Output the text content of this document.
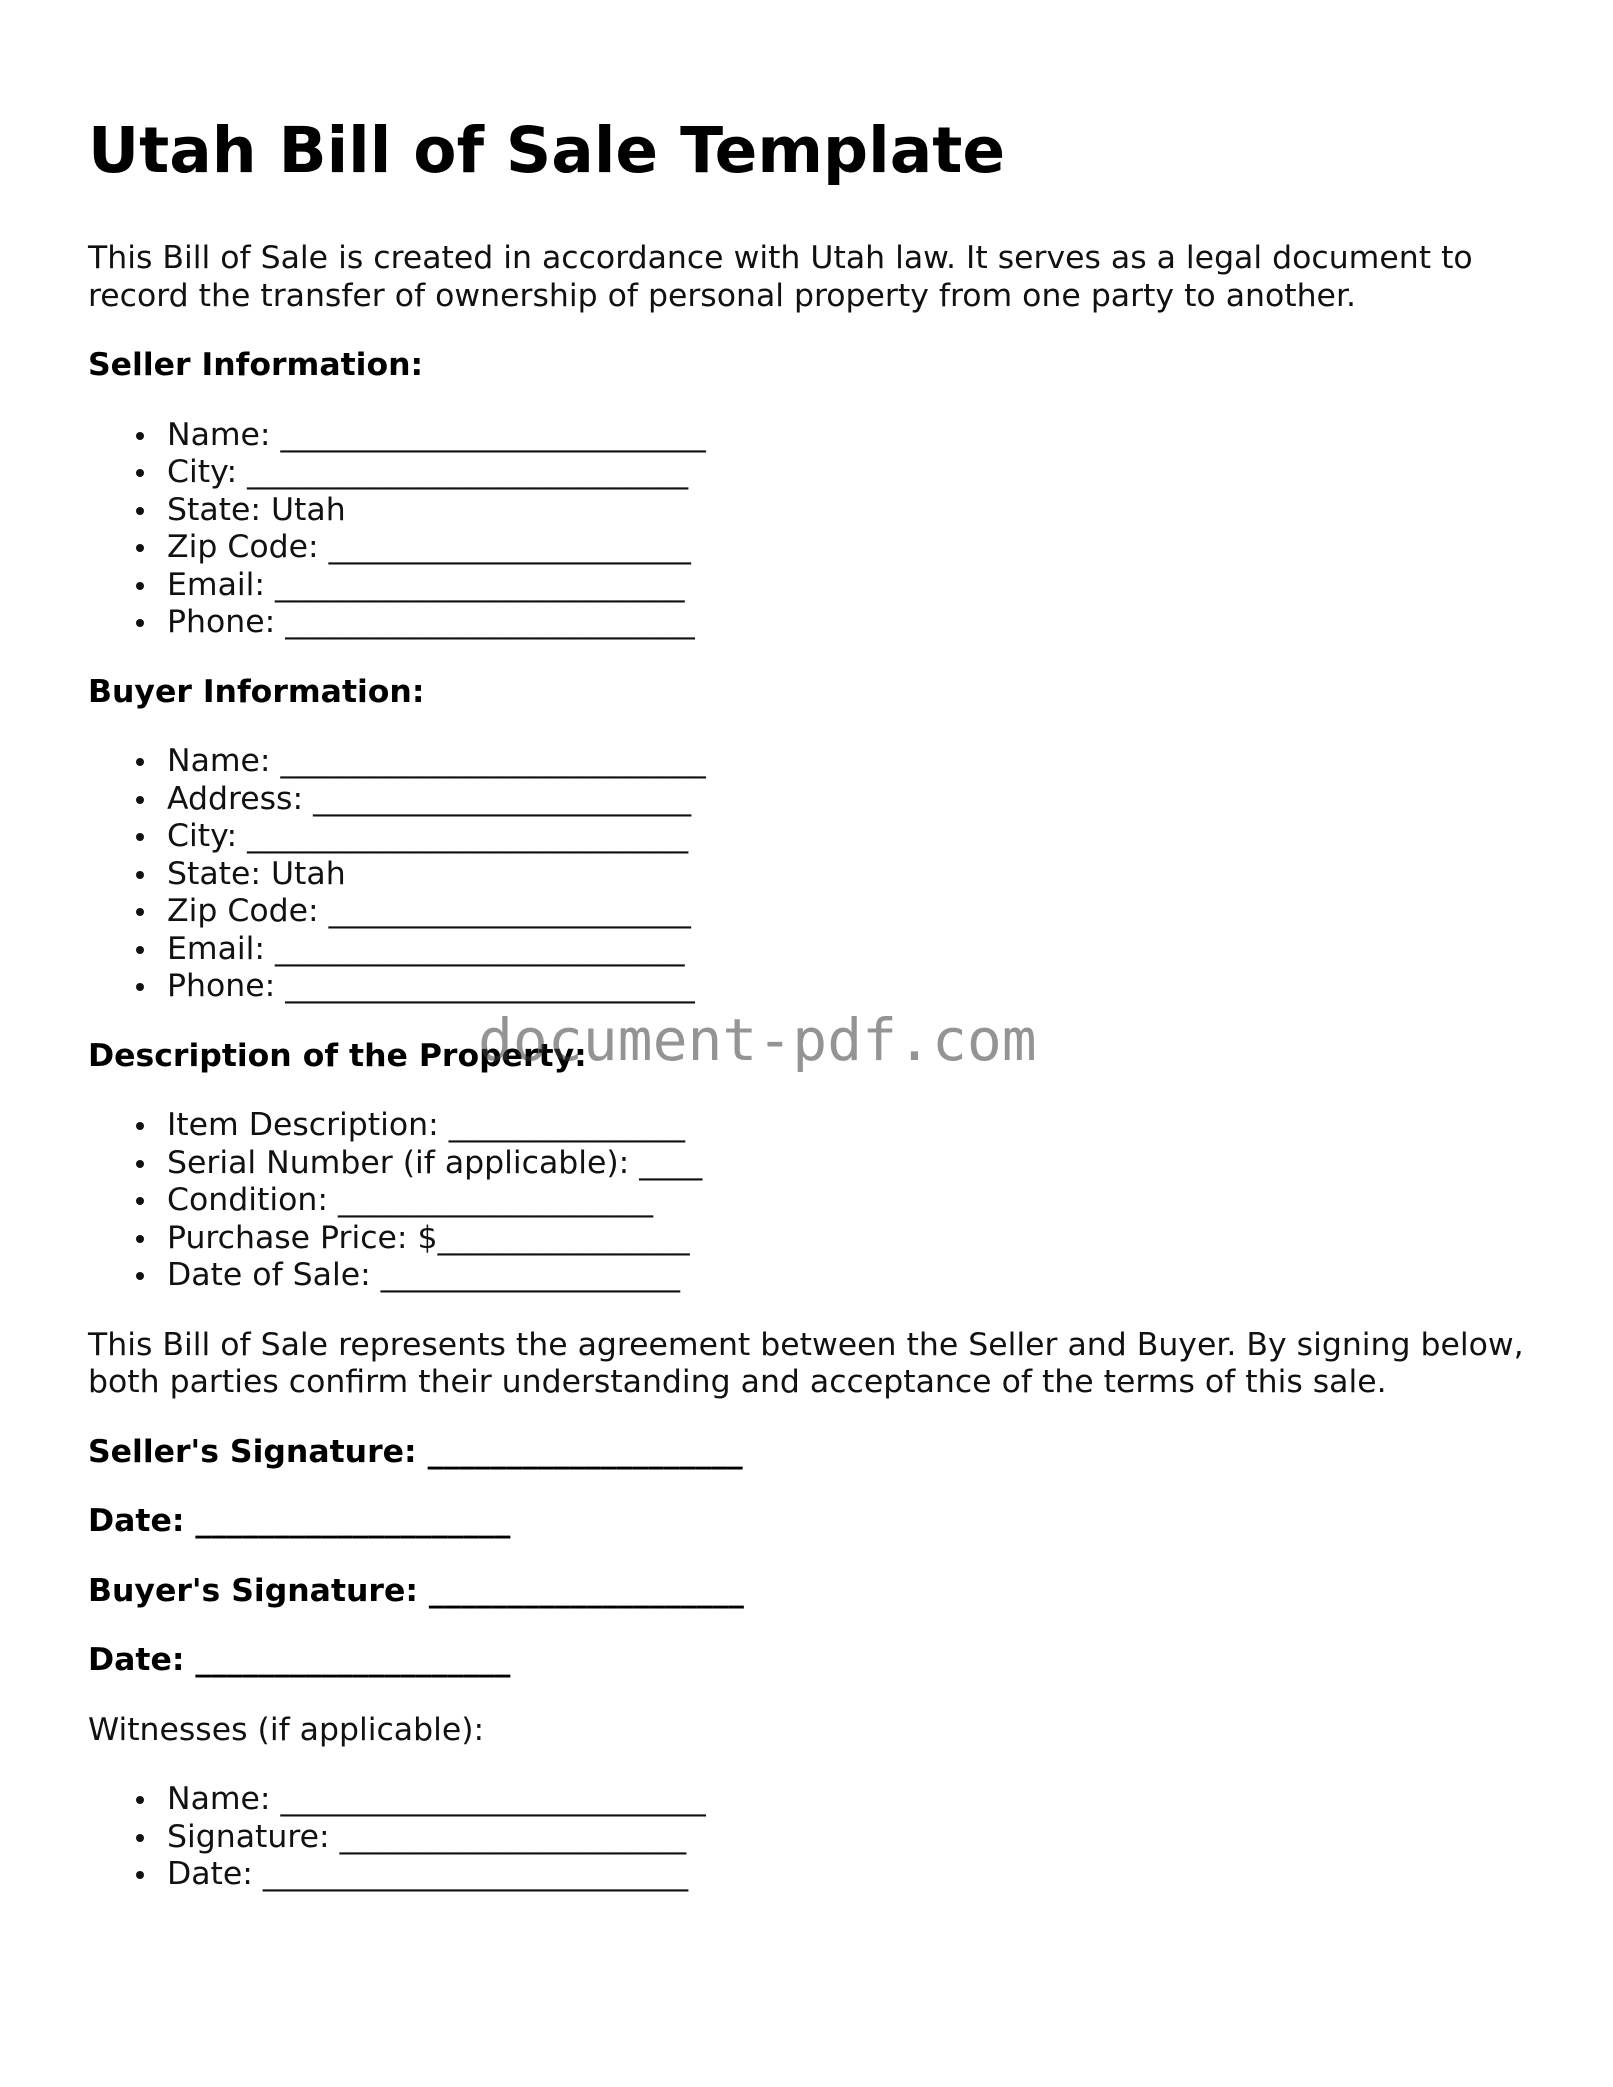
Utah Bill of Sale Template

This Bill of Sale is created in accordance with Utah law. It serves as a legal document to record the transfer of ownership of personal property from one party to another.

Seller Information:
Name: ___________________________
City: ____________________________
State: Utah
Zip Code: _______________________
Email: __________________________
Phone: __________________________
Buyer Information:
Name: ___________________________
Address: ________________________
City: ____________________________
State: Utah
Zip Code: _______________________
Email: __________________________
Phone: __________________________
Description of the Property:
Item Description: _______________
Serial Number (if applicable): ____
Condition: ____________________
Purchase Price: $________________
Date of Sale: ___________________

This Bill of Sale represents the agreement between the Seller and Buyer. By signing below, both parties confirm their understanding and acceptance of the terms of this sale.

Seller's Signature: ____________________
Date: ____________________
Buyer's Signature: ____________________
Date: ____________________
Witnesses (if applicable):
Name: ___________________________
Signature: ______________________
Date: ___________________________
document-pdf.com
